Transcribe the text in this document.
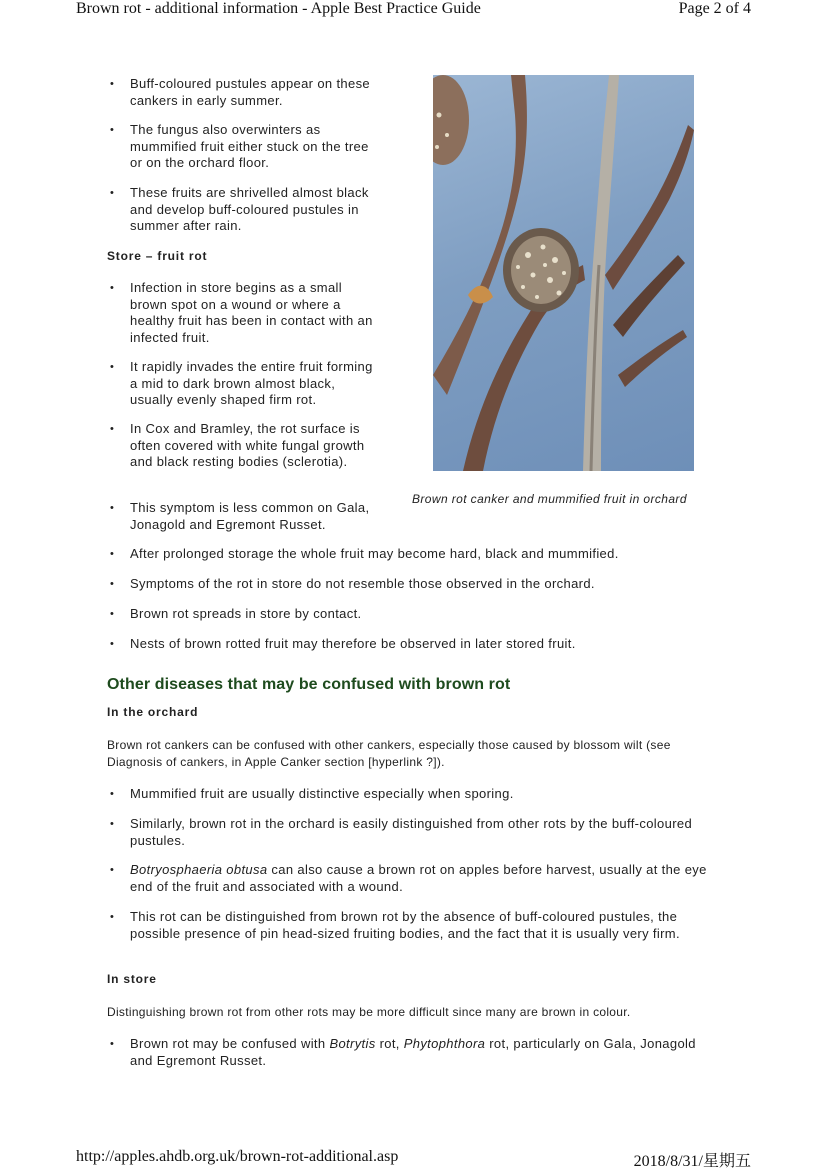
Brown rot - additional information - Apple Best Practice Guide	Page 2 of 4
• Buff-coloured pustules appear on these cankers in early summer.
• The fungus also overwinters as mummified fruit either stuck on the tree or on the orchard floor.
• These fruits are shrivelled almost black and develop buff-coloured pustules in summer after rain.
Store – fruit rot
• Infection in store begins as a small brown spot on a wound or where a healthy fruit has been in contact with an infected fruit.
• It rapidly invades the entire fruit forming a mid to dark brown almost black, usually evenly shaped firm rot.
• In Cox and Bramley, the rot surface is often covered with white fungal growth and black resting bodies (sclerotia).
• This symptom is less common on Gala, Jonagold and Egremont Russet.
Brown rot canker and mummified fruit in orchard
• After prolonged storage the whole fruit may become hard, black and mummified.
• Symptoms of the rot in store do not resemble those observed in the orchard.
• Brown rot spreads in store by contact.
• Nests of brown rotted fruit may therefore be observed in later stored fruit.
Other diseases that may be confused with brown rot
In the orchard
Brown rot cankers can be confused with other cankers, especially those caused by blossom wilt (see Diagnosis of cankers, in Apple Canker section [hyperlink ?]).
• Mummified fruit are usually distinctive especially when sporing.
• Similarly, brown rot in the orchard is easily distinguished from other rots by the buff-coloured pustules.
• Botryosphaeria obtusa can also cause a brown rot on apples before harvest, usually at the eye end of the fruit and associated with a wound.
• This rot can be distinguished from brown rot by the absence of buff-coloured pustules, the possible presence of pin head-sized fruiting bodies, and the fact that it is usually very firm.
In store
Distinguishing brown rot from other rots may be more difficult since many are brown in colour.
• Brown rot may be confused with Botrytis rot, Phytophthora rot, particularly on Gala, Jonagold and Egremont Russet.
http://apples.ahdb.org.uk/brown-rot-additional.asp	2018/8/31/星期五
